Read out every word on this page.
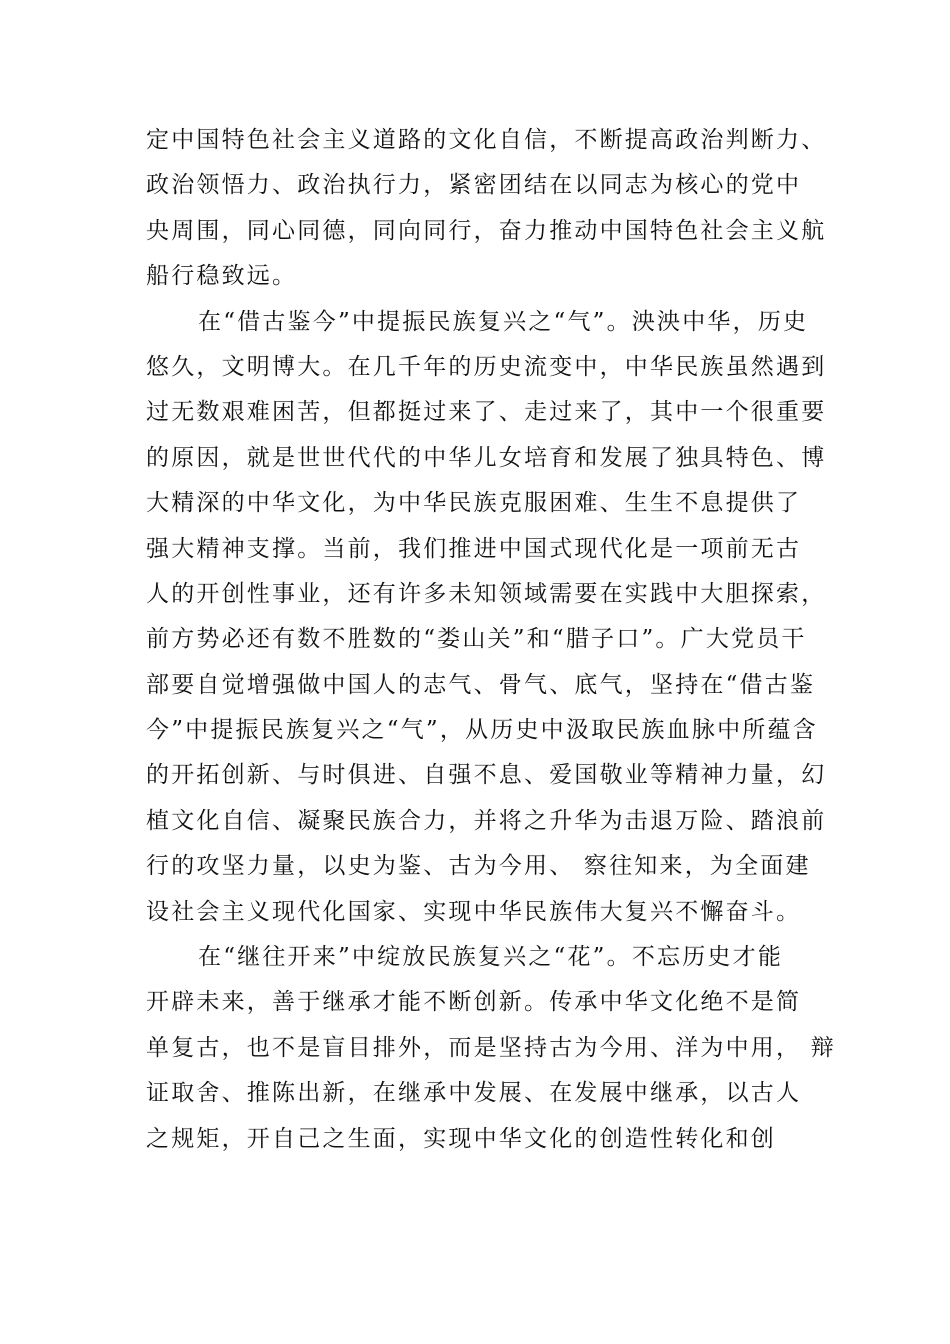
定中国特色社会主义道路的文化自信，不断提高政治判断力、
政治领悟力、政治执行力，紧密团结在以同志为核心的党中
央周围，同心同德，同向同行，奋力推动中国特色社会主义航
船行稳致远。
在“借古鉴今”中提振民族复兴之“气”。泱泱中华，历史
悠久，文明博大。在几千年的历史流变中，中华民族虽然遇到
过无数艰难困苦，但都挺过来了、走过来了，其中一个很重要
的原因，就是世世代代的中华儿女培育和发展了独具特色、博
大精深的中华文化，为中华民族克服困难、生生不息提供了
强大精神支撑。当前，我们推进中国式现代化是一项前无古
人的开创性事业，还有许多未知领域需要在实践中大胆探索，
前方势必还有数不胜数的“娄山关”和“腊子口”。广大党员干
部要自觉增强做中国人的志气、骨气、底气，坚持在“借古鉴
今”中提振民族复兴之“气”，从历史中汲取民族血脉中所蕴含
的开拓创新、与时俱进、自强不息、爱国敬业等精神力量，幻
植文化自信、凝聚民族合力，并将之升华为击退万险、踏浪前
行的攻坚力量，以史为鉴、古为今用、 察往知来，为全面建
设社会主义现代化国家、实现中华民族伟大复兴不懈奋斗。
在“继往开来”中绽放民族复兴之“花”。不忘历史才能
开辟未来，善于继承才能不断创新。传承中华文化绝不是简
单复古，也不是盲目排外，而是坚持古为今用、洋为中用， 辩
证取舍、推陈出新，在继承中发展、在发展中继承，以古人
之规矩，开自己之生面，实现中华文化的创造性转化和创
